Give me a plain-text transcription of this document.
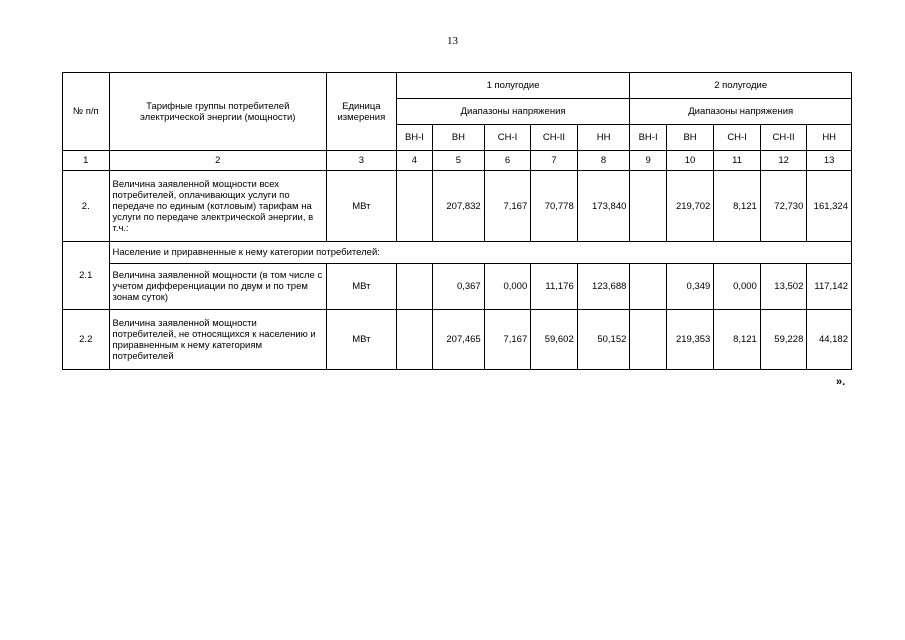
13
№ п/п	Тарифные группы потребителей электрической энергии (мощности)	Единица измерения	1 полугодие					2 полугодие				
			Диапазоны напряжения					Диапазоны напряжения				
			ВН-I	ВН	СН-I	СН-II	НН	ВН-I	ВН	СН-I	СН-II	НН
1	2	3	4	5	6	7	8	9	10	11	12	13
2.	Величина заявленной мощности всех потребителей, оплачивающих услуги по передаче по единым (котловым) тарифам на услуги по передаче электрической энергии, в т.ч.:	МВт		207,832	7,167	70,778	173,840		219,702	8,121	72,730	161,324
2.1	Население и приравненные к нему категории потребителей:											
	Величина заявленной мощности (в том числе с учетом дифференциации по двум и по трем зонам суток)	МВт		0,367	0,000	11,176	123,688		0,349	0,000	13,502	117,142
2.2	Величина заявленной мощности потребителей, не относящихся к населению и приравненным к нему категориям потребителей	МВт		207,465	7,167	59,602	50,152		219,353	8,121	59,228	44,182
».
